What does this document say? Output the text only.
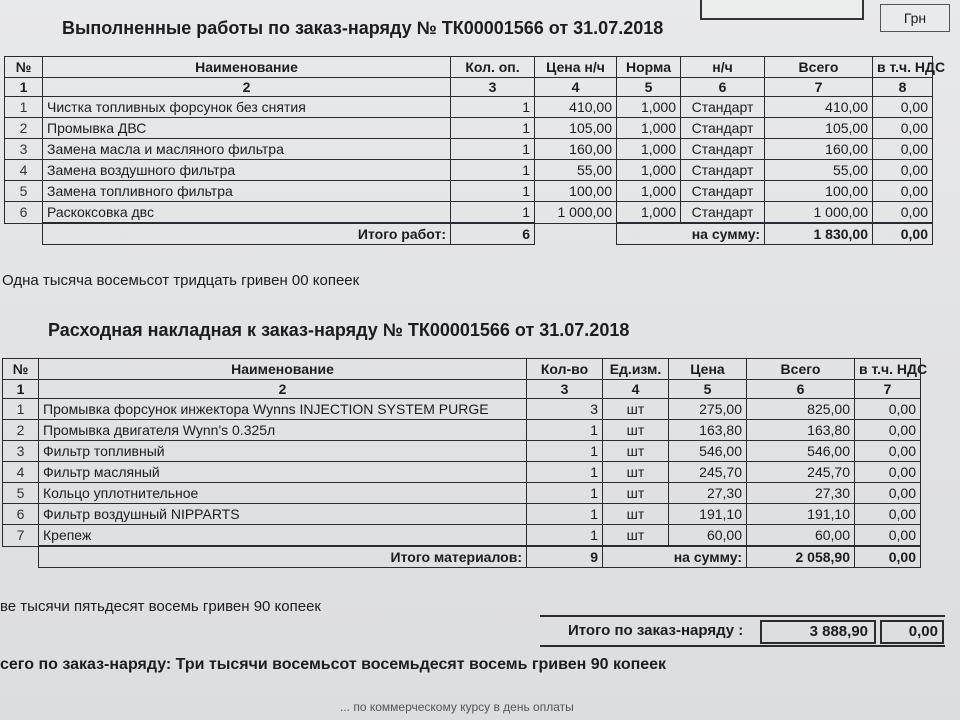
Грн
Выполненные работы по заказ-наряду № ТК00001566 от 31.07.2018
№	Наименование	Кол. оп.	Цена н/ч	Норма	н/ч	Всего	в т.ч. НДС
1	2	3	4	5	6	7	8
1	Чистка топливных форсунок без снятия	1	410,00	1,000	Стандарт	410,00	0,00
2	Промывка ДВС	1	105,00	1,000	Стандарт	105,00	0,00
3	Замена масла и масляного фильтра	1	160,00	1,000	Стандарт	160,00	0,00
4	Замена воздушного фильтра	1	55,00	1,000	Стандарт	55,00	0,00
5	Замена топливного фильтра	1	100,00	1,000	Стандарт	100,00	0,00
6	Раскоксовка двс	1	1 000,00	1,000	Стандарт	1 000,00	0,00
	Итого работ:	6		на сумму:		1 830,00	0,00
Одна тысяча восемьсот тридцать гривен 00 копеек
Расходная накладная к заказ-наряду № ТК00001566 от 31.07.2018
№	Наименование	Кол-во	Ед.изм.	Цена	Всего	в т.ч. НДС
1	2	3	4	5	6	7
1	Промывка форсунок инжектора Wynns INJECTION SYSTEM PURGE	3	шт	275,00	825,00	0,00
2	Промывка двигателя Wynn's 0.325л	1	шт	163,80	163,80	0,00
3	Фильтр топливный	1	шт	546,00	546,00	0,00
4	Фильтр масляный	1	шт	245,70	245,70	0,00
5	Кольцо уплотнительное	1	шт	27,30	27,30	0,00
6	Фильтр воздушный NIPPARTS	1	шт	191,10	191,10	0,00
7	Крепеж	1	шт	60,00	60,00	0,00
	Итого материалов:	9	на сумму:		2 058,90	0,00
ве тысячи пятьдесят восемь гривен 90 копеек
Итого по заказ-наряду :	3 888,90	0,00
сего по заказ-наряду: Три тысячи восемьсот восемьдесят восемь гривен 90 копеек
... по коммерческому курсу в день оплаты
